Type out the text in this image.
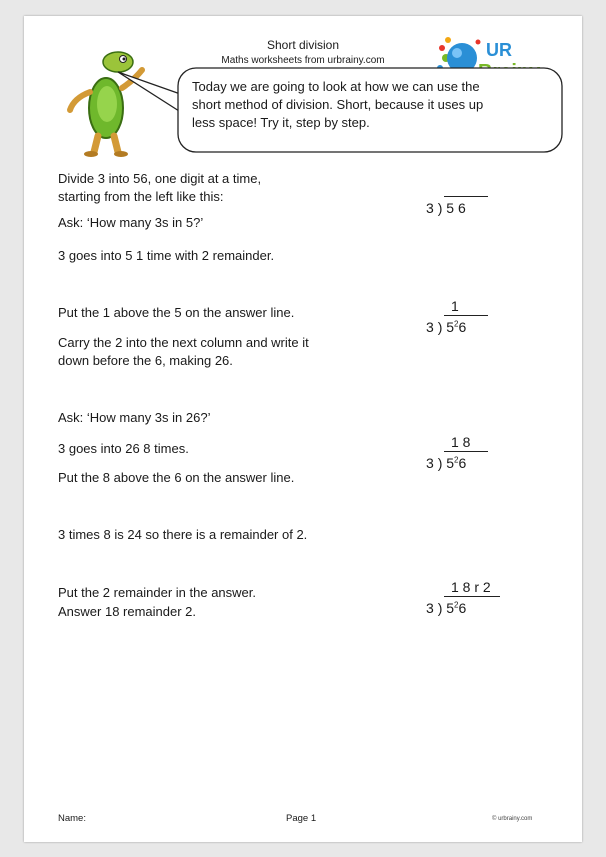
Short division
Maths worksheets from urbrainy.com
UR
Today we are going to look at how we can use the
short method of division. Short, because it uses up
less space! Try it, step by step.
Divide 3 into 56, one digit at a time,
starting from the left like this:
Ask: ‘How many 3s in 5?’
3 goes into 5 1 time with 2 remainder.
3 ) 5 6
Put the 1 above the 5 on the answer line.
Carry the 2 into the next column and write it
down before the 6, making 26.
1
3 ) $5^26$
Ask: ‘How many 3s in 26?’
3 goes into 26 8 times.
Put the 8 above the 6 on the answer line.
1 8
3 ) $5^26$
3 times 8 is 24 so there is a remainder of 2.
Put the 2 remainder in the answer.
Answer 18 remainder 2.
1 8 r 2
3 ) $5^26$
Name:	Page 1	© urbrainy.com
